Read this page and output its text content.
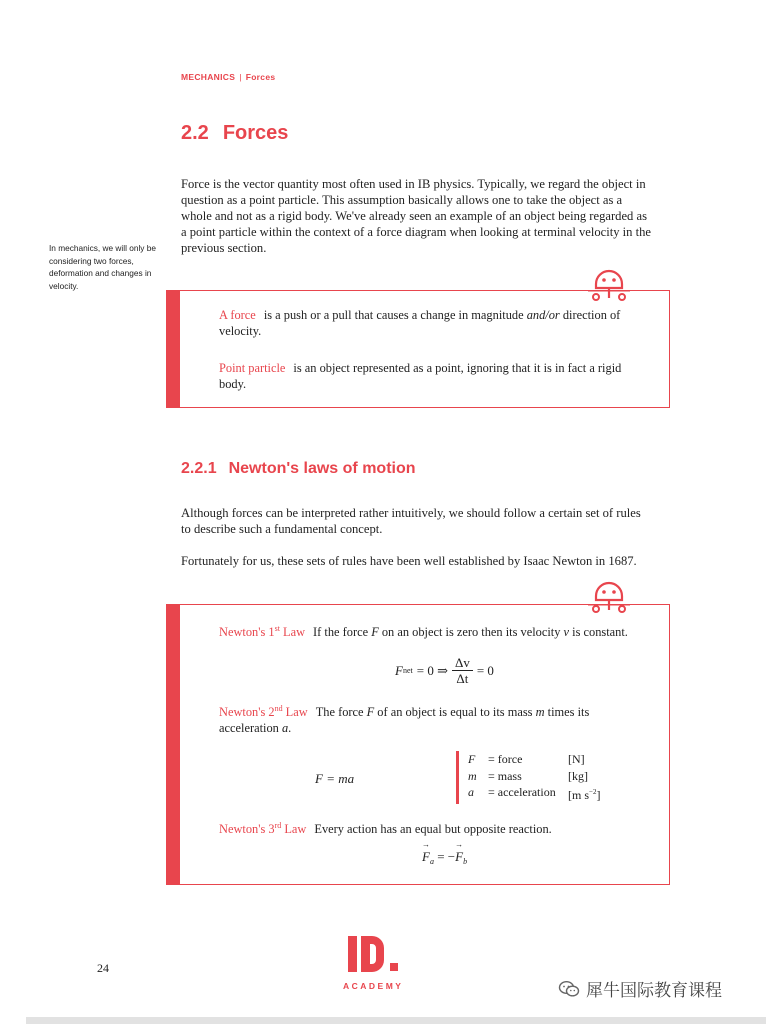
MECHANICS | Forces
2.2 Forces

Force is the vector quantity most often used in IB physics. Typically, we regard the object in question as a point particle. This assumption basically allows one to take the object as a whole and not as a rigid body. We've already seen an example of an object being regarded as a point particle within the context of a force diagram when looking at terminal velocity in the previous section.

In mechanics, we will only be considering two forces, deformation and changes in velocity.

A force is a push or a pull that causes a change in magnitude and/or direction of velocity.
Point particle is an object represented as a point, ignoring that it is in fact a rigid body.
2.2.1 Newton's laws of motion

Although forces can be interpreted rather intuitively, we should follow a certain set of rules to describe such a fundamental concept.

Fortunately for us, these sets of rules have been well established by Isaac Newton in 1687.

Newton's 1st Law If the force F on an object is zero then its velocity v is constant.
F net = 0 ⇒ $\frac{\Delta v}{\Delta t} = 0$
Newton's 2nd Law The force F of an object is equal to its mass m times its acceleration a.
F = ma
F	= force	[N]
m = mass	[kg]
a	= acceleration	[m $s^{-2}$]
Newton's 3rd Law Every action has an equal but opposite reaction.
→ $F_a$ = −→ $F_b$
24
ACADEMY	犀牛国际教育课程
